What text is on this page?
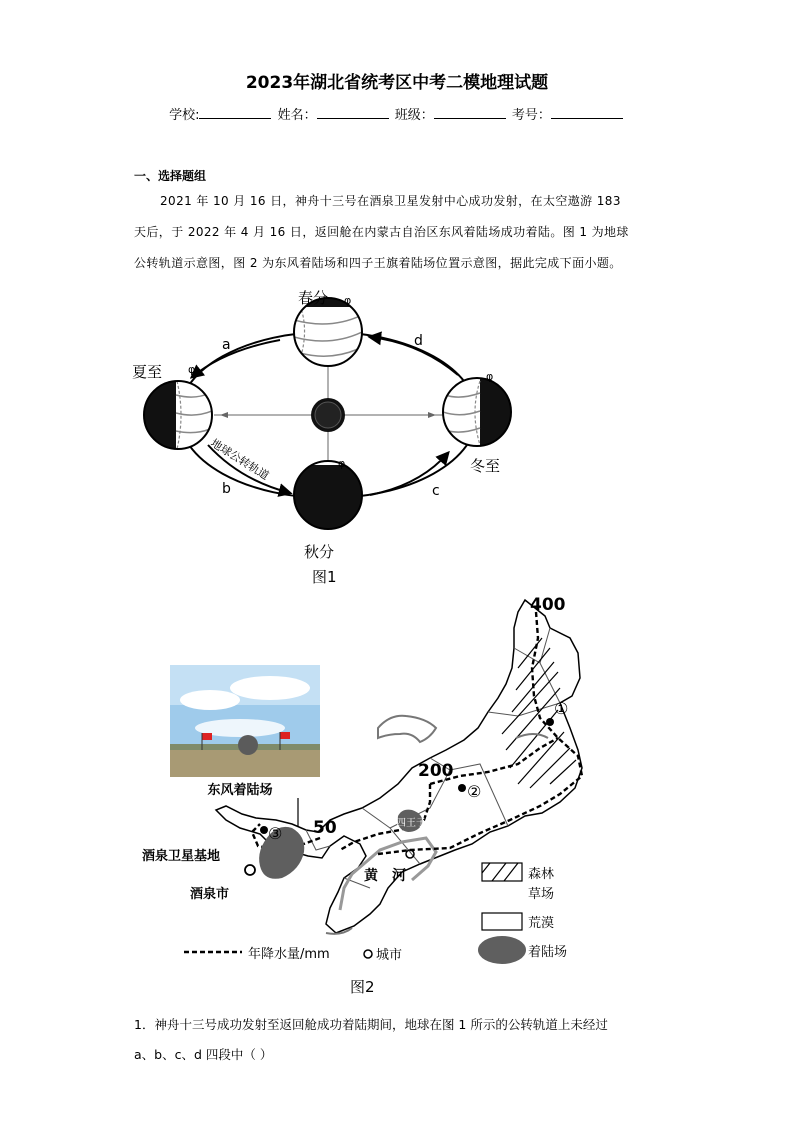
2023年湖北省统考区中考二模地理试题
学校:	姓名：	班级：	考号：
一、选择题组
2021 年 10 月 16 日，神舟十三号在酒泉卫星发射中心成功发射，在太空遨游 183
天后，于 2022 年 4 月 16 日，返回舱在内蒙古自治区东风着陆场成功着陆。图 1 为地球
公转轨道示意图，图 2 为东风着陆场和四子王旗着陆场位置示意图，据此完成下面小题。
φ
春分
φ
夏至	φ
冬至
φ
秋分
a
b	c
d
地球公转轨道
图1
东风着陆场
①
②
③
400
200
50	四王子
酒泉卫星基地
酒泉市
黄　河	森林
草场
荒漠
着陆场
年降水量/mm	城市
图2
1．神舟十三号成功发射至返回舱成功着陆期间，地球在图 1 所示的公转轨道上未经过
a、b、c、d 四段中（ ）
